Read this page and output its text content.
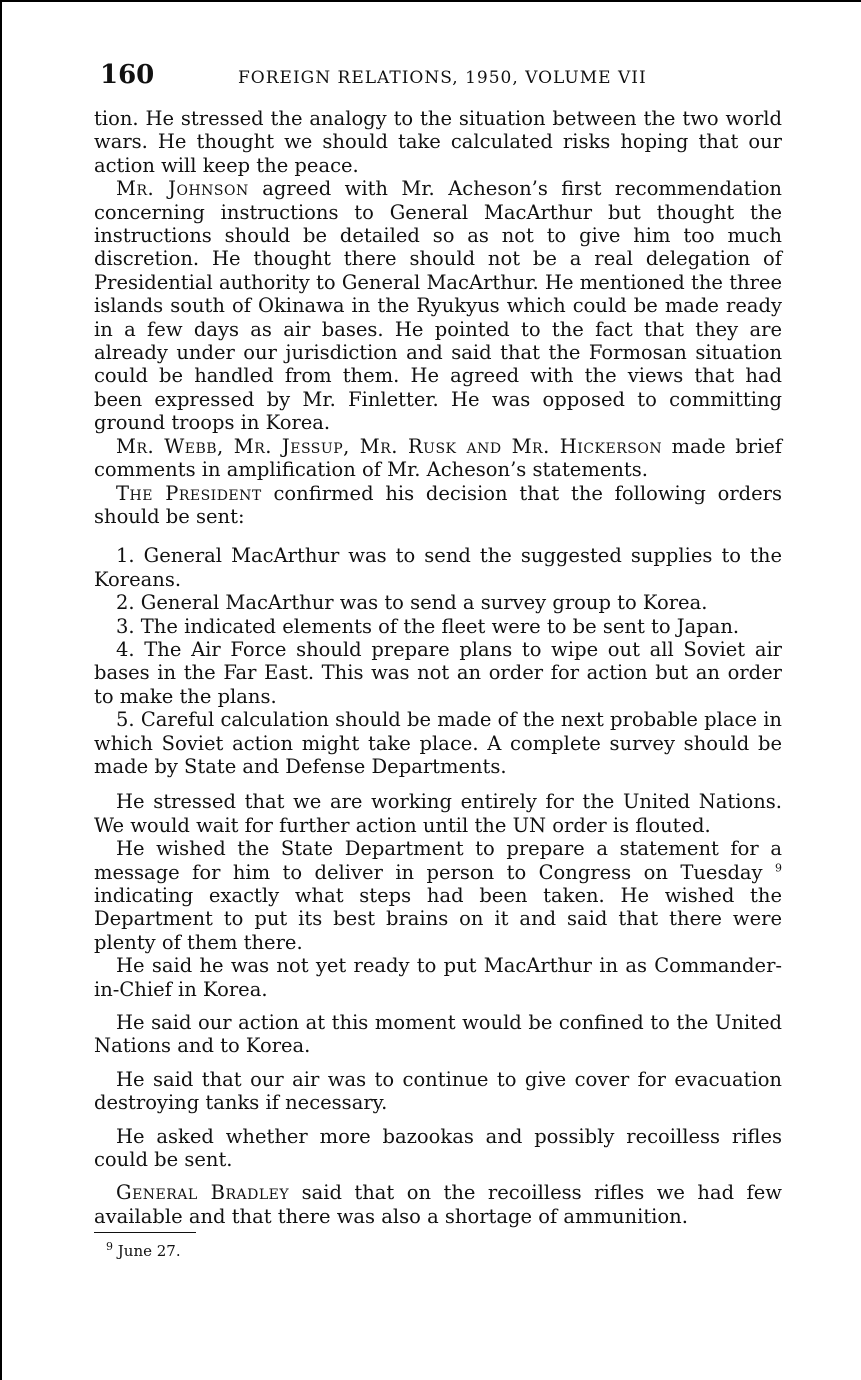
160	FOREIGN RELATIONS, 1950, VOLUME VII

tion. He stressed the analogy to the situation between the two world wars. He thought we should take calculated risks hoping that our action will keep the peace.

Mr. Johnson agreed with Mr. Acheson’s first recommendation concerning instructions to General MacArthur but thought the instructions should be detailed so as not to give him too much discretion. He thought there should not be a real delegation of Presidential authority to General MacArthur. He mentioned the three islands south of Okinawa in the Ryukyus which could be made ready in a few days as air bases. He pointed to the fact that they are already under our jurisdiction and said that the Formosan situation could be handled from them. He agreed with the views that had been expressed by Mr. Finletter. He was opposed to committing ground troops in Korea.

Mr. Webb, Mr. Jessup, Mr. Rusk and Mr. Hickerson made brief comments in amplification of Mr. Acheson’s statements.

The President confirmed his decision that the following orders should be sent:

1. General MacArthur was to send the suggested supplies to the Koreans.

2. General MacArthur was to send a survey group to Korea.

3. The indicated elements of the fleet were to be sent to Japan.

4. The Air Force should prepare plans to wipe out all Soviet air bases in the Far East. This was not an order for action but an order to make the plans.

5. Careful calculation should be made of the next probable place in which Soviet action might take place. A complete survey should be made by State and Defense Departments.

He stressed that we are working entirely for the United Nations. We would wait for further action until the UN order is flouted.

He wished the State Department to prepare a statement for a message for him to deliver in person to Congress on Tuesday $^9$ indicating exactly what steps had been taken. He wished the Department to put its best brains on it and said that there were plenty of them there.

He said he was not yet ready to put MacArthur in as Commander-in-Chief in Korea.

He said our action at this moment would be confined to the United Nations and to Korea.

He said that our air was to continue to give cover for evacuation destroying tanks if necessary.

He asked whether more bazookas and possibly recoilless rifles could be sent.

General Bradley said that on the recoilless rifles we had few available and that there was also a shortage of ammunition.

$^9$ June 27.
